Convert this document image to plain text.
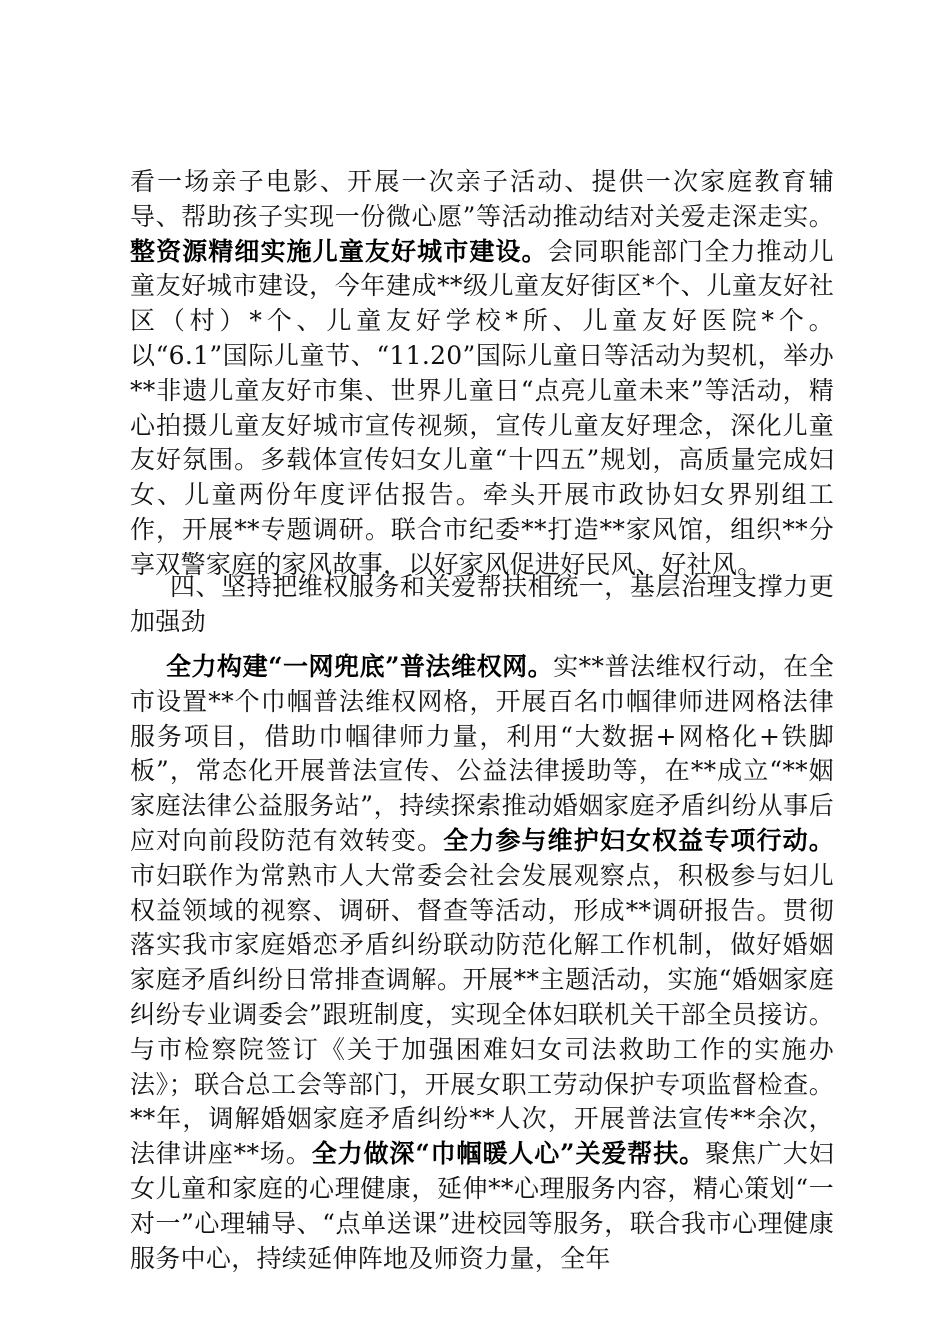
看一场亲子电影、开展一次亲子活动、提供一次家庭教育辅导、帮助孩子实现一份微心愿”等活动推动结对关爱走深走实。整资源精细实施儿童友好城市建设。会同职能部门全力推动儿童友好城市建设，今年建成**级儿童友好街区*个、儿童友好社区（村）*个、儿童友好学校*所、儿童友好医院*个。以“6.1”国际儿童节、“11.20”国际儿童日等活动为契机，举办**非遗儿童友好市集、世界儿童日“点亮儿童未来”等活动，精心拍摄儿童友好城市宣传视频，宣传儿童友好理念，深化儿童友好氛围。多载体宣传妇女儿童“十四五”规划，高质量完成妇女、儿童两份年度评估报告。牵头开展市政协妇女界别组工作，开展**专题调研。联合市纪委**打造**家风馆，组织**分享双警家庭的家风故事，以好家风促进好民风、好社风。

四、坚持把维权服务和关爱帮扶相统一，基层治理支撑力更加强劲

全力构建“一网兜底”普法维权网。实**普法维权行动，在全市设置**个巾帼普法维权网格，开展百名巾帼律师进网格法律服务项目，借助巾帼律师力量，利用“大数据+网格化+铁脚板”，常态化开展普法宣传、公益法律援助等，在**成立“**姻家庭法律公益服务站”，持续探索推动婚姻家庭矛盾纠纷从事后应对向前段防范有效转变。全力参与维护妇女权益专项行动。市妇联作为常熟市人大常委会社会发展观察点，积极参与妇儿权益领域的视察、调研、督查等活动，形成**调研报告。贯彻落实我市家庭婚恋矛盾纠纷联动防范化解工作机制，做好婚姻家庭矛盾纠纷日常排查调解。开展**主题活动，实施“婚姻家庭纠纷专业调委会”跟班制度，实现全体妇联机关干部全员接访。与市检察院签订《关于加强困难妇女司法救助工作的实施办法》；联合总工会等部门，开展女职工劳动保护专项监督检查。**年，调解婚姻家庭矛盾纠纷**人次，开展普法宣传**余次，法律讲座**场。全力做深“巾帼暖人心”关爱帮扶。聚焦广大妇女儿童和家庭的心理健康，延伸**心理服务内容，精心策划“一对一”心理辅导、“点单送课”进校园等服务，联合我市心理健康服务中心，持续延伸阵地及师资力量，全年
